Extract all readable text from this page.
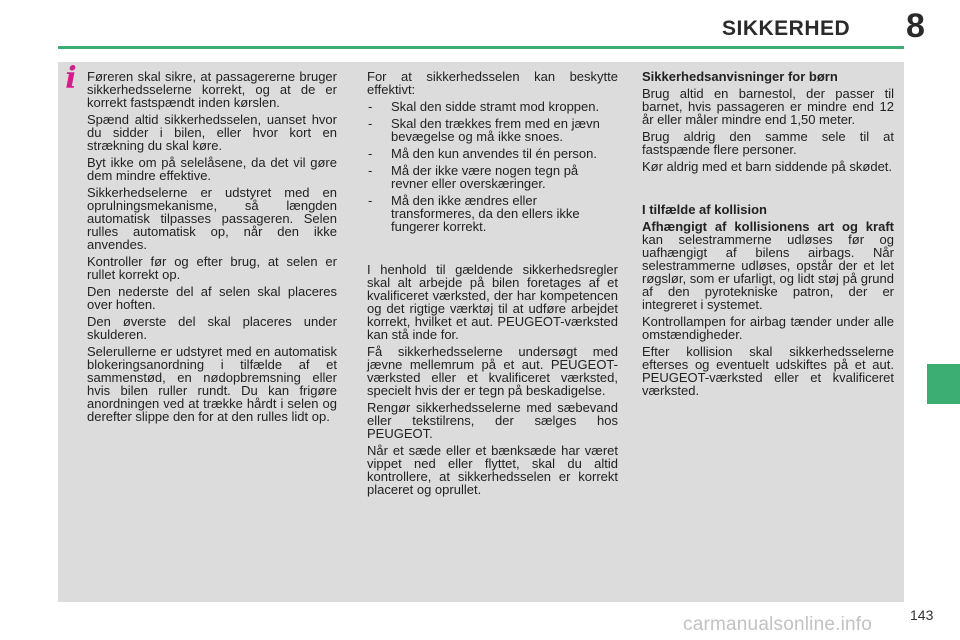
SIKKERHED 8
i Føreren skal sikre, at passagererne bruger sikkerhedsselerne korrekt, og at de er korrekt fastspændt inden kørslen.

Spænd altid sikkerhedsselen, uanset hvor du sidder i bilen, eller hvor kort en strækning du skal køre.

Byt ikke om på selelåsene, da det vil gøre dem mindre effektive.

Sikkerhedselerne er udstyret med en oprulningsmekanisme, så længden automatisk tilpasses passageren. Selen rulles automatisk op, når den ikke anvendes.

Kontroller før og efter brug, at selen er rullet korrekt op.

Den nederste del af selen skal placeres over hoften.

Den øverste del skal placeres under skulderen.

Selerullerne er udstyret med en automatisk blokeringsanordning i tilfælde af et sammenstød, en nødopbremsning eller hvis bilen ruller rundt. Du kan frigøre anordningen ved at trække hårdt i selen og derefter slippe den for at den rulles lidt op.

For at sikkerhedsselen kan beskytte effektivt:

- Skal den sidde stramt mod kroppen.
- Skal den trækkes frem med en jævn bevægelse og må ikke snoes.
- Må den kun anvendes til én person.
- Må der ikke være nogen tegn på revner eller overskæringer.
- Må den ikke ændres eller transformeres, da den ellers ikke fungerer korrekt.

I henhold til gældende sikkerhedsregler skal alt arbejde på bilen foretages af et kvalificeret værksted, der har kompetencen og det rigtige værktøj til at udføre arbejdet korrekt, hvilket et aut. PEUGEOT-værksted kan stå inde for.

Få sikkerhedsselerne undersøgt med jævne mellemrum på et aut. PEUGEOT-værksted eller et kvalificeret værksted, specielt hvis der er tegn på beskadigelse.

Rengør sikkerhedsselerne med sæbevand eller tekstilrens, der sælges hos PEUGEOT.

Når et sæde eller et bænksæde har været vippet ned eller flyttet, skal du altid kontrollere, at sikkerhedsselen er korrekt placeret og oprullet.

Sikkerhedsanvisninger for børn

Brug altid en barnestol, der passer til barnet, hvis passageren er mindre end 12 år eller måler mindre end 1,50 meter.

Brug aldrig den samme sele til at fastspænde flere personer.

Kør aldrig med et barn siddende på skødet.

I tilfælde af kollision

Afhængigt af kollisionens art og kraft kan selestrammerne udløses før og uafhængigt af bilens airbags. Når selestrammerne udløses, opstår der et let røgslør, som er ufarligt, og lidt støj på grund af den pyrotekniske patron, der er integreret i systemet.

Kontrollampen for airbag tænder under alle omstændigheder.

Efter kollision skal sikkerhedsselerne efterses og eventuelt udskiftes på et aut. PEUGEOT-værksted eller et kvalificeret værksted.

143
carmanualsonline.info
